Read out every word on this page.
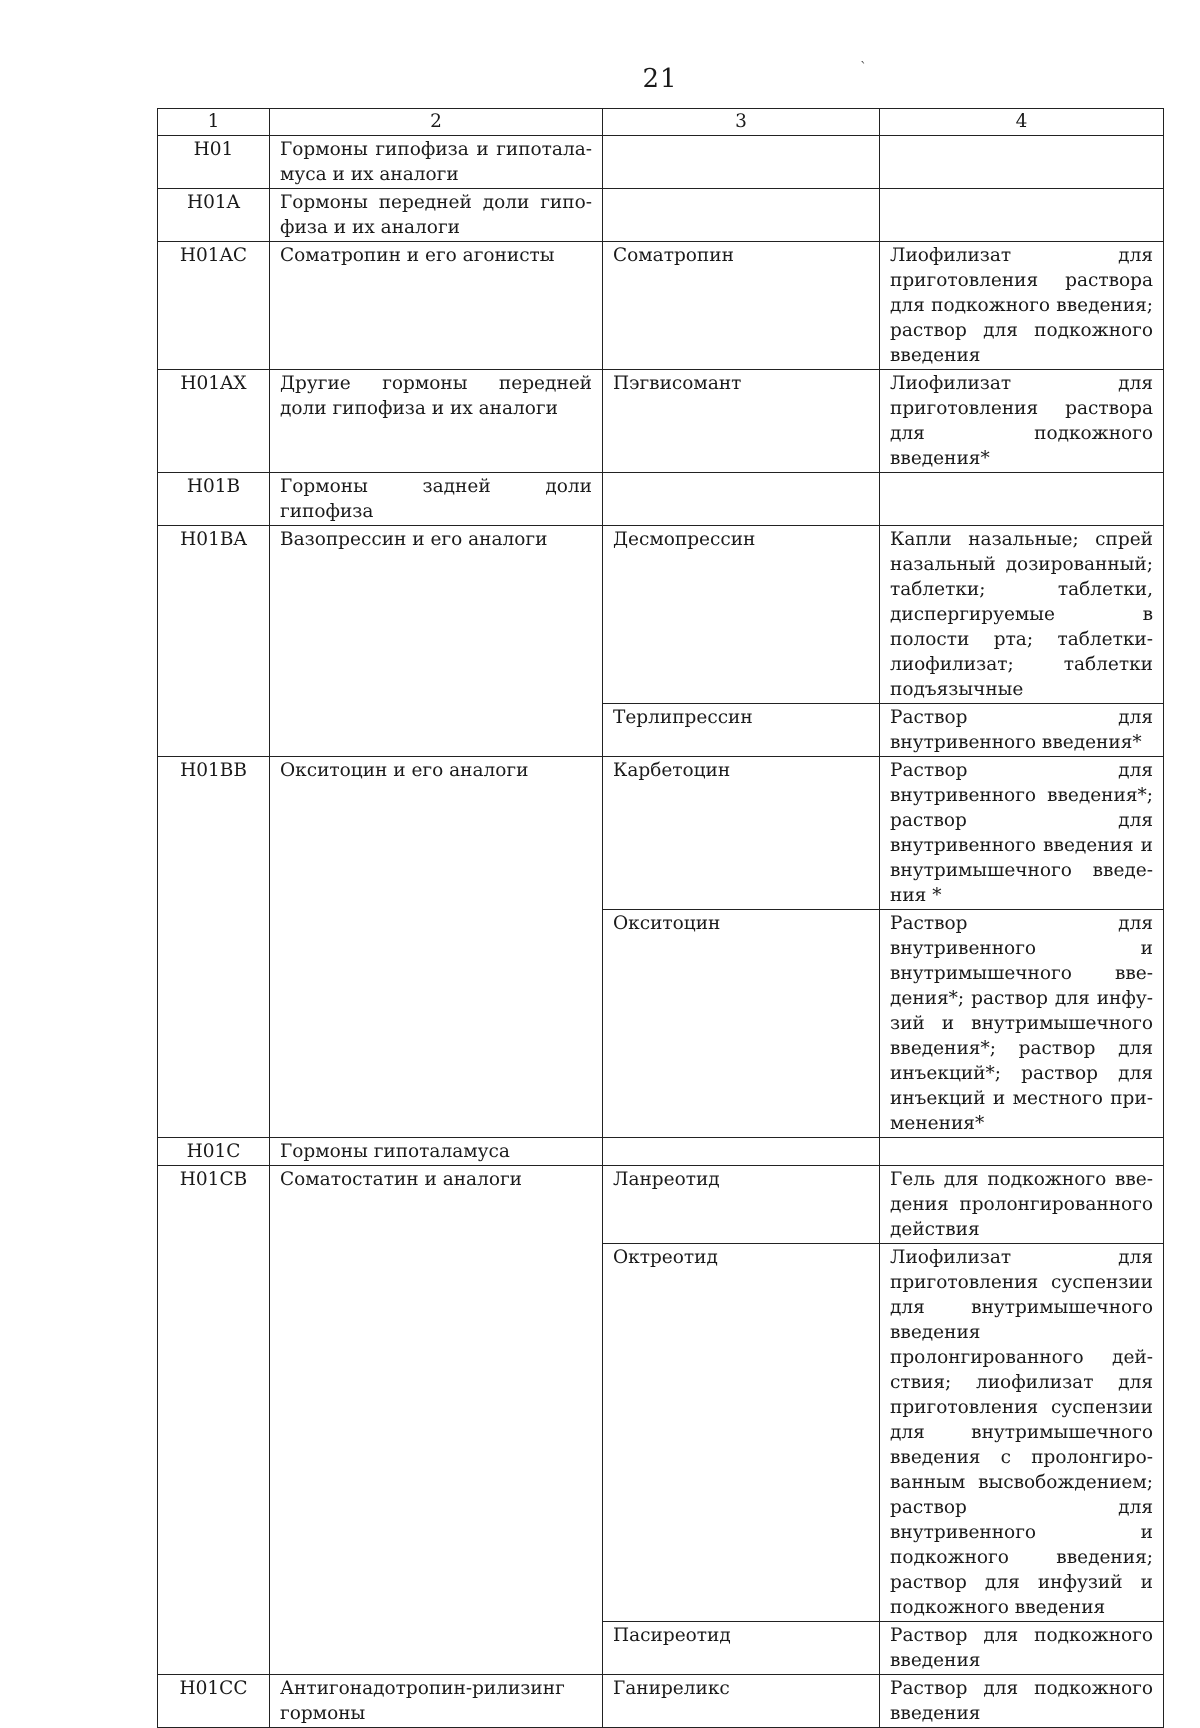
21	`
1	2	3	4
H01	Гормоны гипофиза и гипоталамуса и их аналоги		
H01A	Гормоны передней доли гипофиза и их аналоги		
H01AC	Соматропин и его агонисты	Соматропин	Лиофилизат для приготовления раствора для подкожного введения; раствор для подкожного введения
H01AX	Другие гормоны передней доли гипофиза и их аналоги	Пэгвисомант	Лиофилизат для приготовления раствора для подкожного введения*
H01B	Гормоны задней доли гипофиза		
H01BA	Вазопрессин и его аналоги	Десмопрессин	Капли назальные; спрей назальный дозированный; таблетки; таблетки, диспергируемые в полости рта; таблетки-лиофилизат; таблетки подъязычные
		Терлипрессин	Раствор для внутривенного введения*
H01BB	Окситоцин и его аналоги	Карбетоцин	Раствор для внутривенного введения*; раствор для внутривенного введения и внутримышечного введения *
		Окситоцин	Раствор для внутривенного и внутримышечного введения*; раствор для инфузий и внутримышечного введения*; раствор для инъекций*; раствор для инъекций и местного применения*
H01C	Гормоны гипоталамуса		
H01CB	Соматостатин и аналоги	Ланреотид	Гель для подкожного введения пролонгированного действия
		Октреотид	Лиофилизат для приготовления суспензии для внутримышечного введения пролонгированного действия; лиофилизат для приготовления суспензии для внутримышечного введения с пролонгированным высвобождением; раствор для внутривенного и подкожного введения; раствор для инфузий и подкожного введения
		Пасиреотид	Раствор для подкожного введения
H01CC	Антигонадотропин-рилизинг гормоны	Ганиреликс	Раствор для подкожного введения
